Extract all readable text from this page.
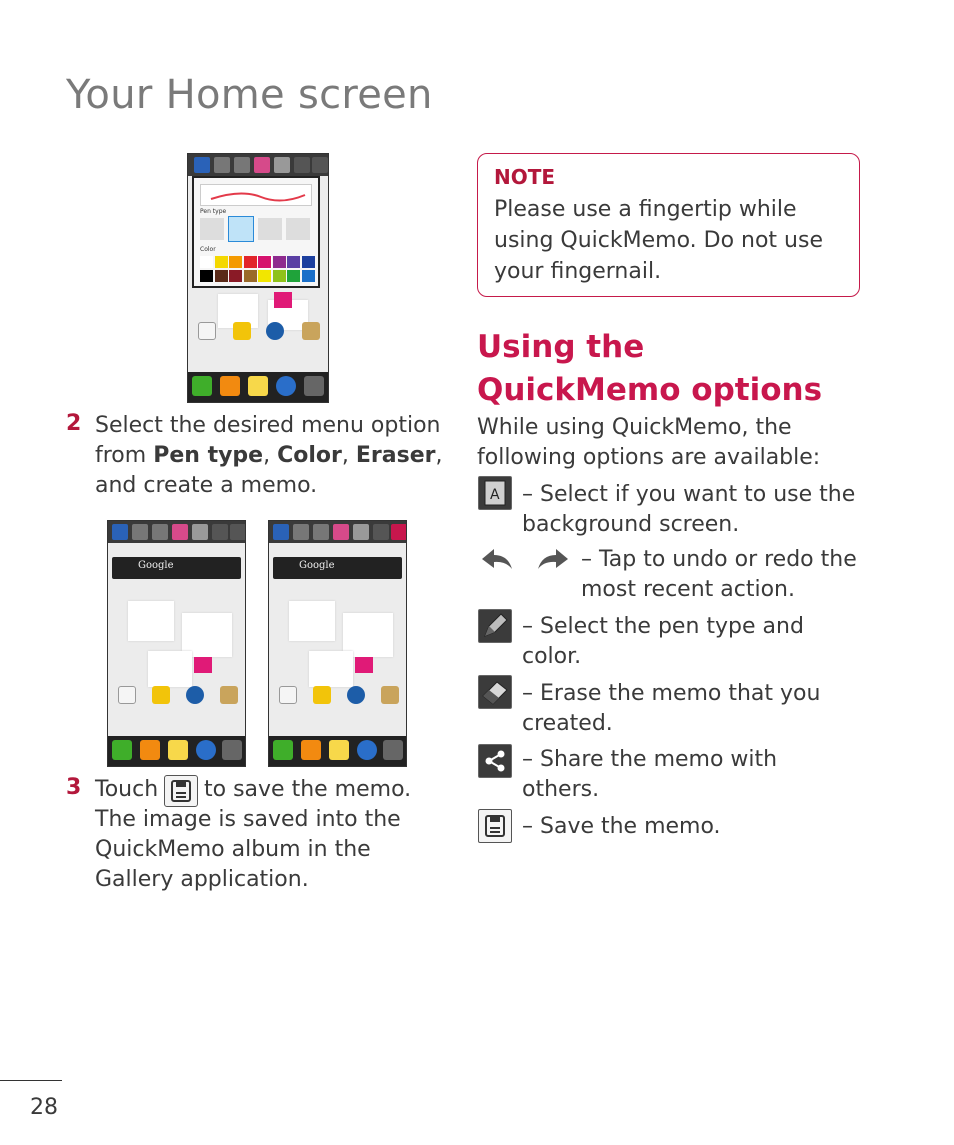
Your Home screen
Pen type
Color
2 Select the desired menu option from Pen type, Color, Eraser, and create a memo.
Google	Google
3 Touch to save the memo.
The image is saved into the QuickMemo album in the Gallery application.
NOTE
Please use a fingertip while using QuickMemo. Do not use your fingernail.
Using the QuickMemo options
While using QuickMemo, the following options are available:
A – Select if you want to use the background screen.
– Tap to undo or redo the most recent action.
– Select the pen type and color.
– Erase the memo that you created.
– Share the memo with others.
– Save the memo.
28
